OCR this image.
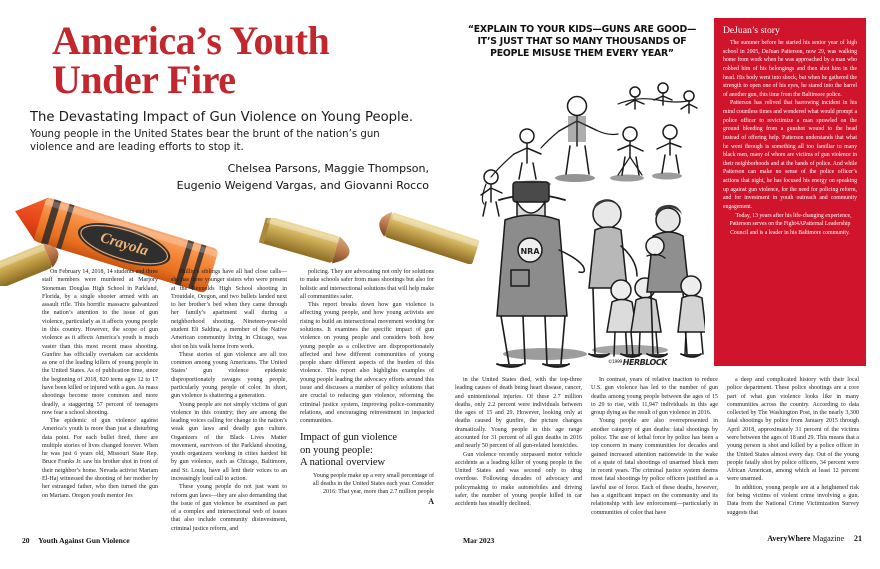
America’s Youth
Under Fire
The Devastating Impact of Gun Violence on Young People.
Young people in the United States bear the brunt of the nation’s gun violence and are leading efforts to stop it.
Chelsea Parsons, Maggie Thompson,
Eugenio Weigend Vargas, and Giovanni Rocco
Crayola

On February 14, 2018, 14 students and three staff members were murdered at Marjory Stoneman Douglas High School in Parkland, Florida, by a single shooter armed with an assault rifle. This horrific massacre galvanized the nation’s attention to the issue of gun violence, particularly as it affects young people in this country. However, the scope of gun violence as it affects America’s youth is much vaster than this most recent mass shooting. Gunfire has officially overtaken car accidents as one of the leading killers of young people in the United States. As of publication time, since the beginning of 2018, 820 teens ages 12 to 17 have been killed or injured with a gun. As mass shootings become more common and more deadly, a staggering 57 percent of teenagers now fear a school shooting.

The epidemic of gun violence against America’s youth is more than just a disturbing data point. For each bullet fired, there are multiple stories of lives changed forever. When he was just 6 years old, Missouri State Rep. Bruce Franks Jr. saw his brother shot in front of their neighbor’s home. Nevada activist Mariam El-Haj witnessed the shooting of her mother by her estranged father, who then turned the gun on Mariam. Oregon youth mentor Jes

Phillip’s siblings have all had close calls—she has three younger sisters who were present at the Reynolds High School shooting in Troutdale, Oregon, and two bullets landed next to her brother’s bed when they came through her family’s apartment wall during a neighborhood shooting. Nineteen-year-old student Eli Saldina, a member of the Native American community living in Chicago, was shot on his walk home from work.

These stories of gun violence are all too common among young Americans. The United States’ gun violence epidemic disproportionately ravages young people, particularly young people of color. In short, gun violence is shattering a generation.

Young people are not simply victims of gun violence in this country; they are among the leading voices calling for change to the nation’s weak gun laws and deadly gun culture. Organizers of the Black Lives Matter movement, survivors of the Parkland shooting, youth organizers working in cities hardest hit by gun violence, such as Chicago, Baltimore, and St. Louis, have all lent their voices to an increasingly loud call to action.

These young people do not just want to reform gun laws—they are also demanding that the issue of gun violence be examined as part of a complex and intersectional web of issues that also include community disinvestment, criminal justice reform, and

policing. They are advocating not only for solutions to make schools safer from mass shootings but also for holistic and intersectional solutions that will help make all communities safer.

This report breaks down how gun violence is affecting young people, and how young activists are rising to build an intersectional movement working for solutions. It examines the specific impact of gun violence on young people and considers both how young people as a collective are disproportionately affected and how different communities of young people share different aspects of the burden of this violence. This report also highlights examples of young people leading the advocacy efforts around this issue and discusses a number of policy solutions that are crucial to reducing gun violence, reforming the criminal justice system, improving police-community relations, and encouraging reinvestment in impacted communities.

Impact of gun violence
on young people:
A national overview

Young people make up a very small percentage of all deaths in the United States each year. Consider 2016: That year, more than 2.7 million people

A

20 Youth Against Gun Violence
“EXPLAIN TO YOUR KIDS—GUNS ARE GOOD—
IT’S JUST THAT SO MANY THOUSANDS OF
PEOPLE MISUSE THEM EVERY YEAR”
NRA
©1999HERBLOCK

in the United States died, with the top-three leading causes of death being heart disease, cancer, and unintentional injuries. Of these 2.7 million deaths, only 2.2 percent were individuals between the ages of 15 and 29. However, looking only at deaths caused by gunfire, the picture changes dramatically. Young people in this age range accounted for 31 percent of all gun deaths in 2016 and nearly 50 percent of all gun-related homicides.

Gun violence recently surpassed motor vehicle accidents as a leading killer of young people in the United States and was second only to drug overdose. Following decades of advocacy and policymaking to make automobiles and driving safer, the number of young people killed in car accidents has steadily declined.

In contrast, years of relative inaction to reduce U.S. gun violence has led to the number of gun deaths among young people between the ages of 15 to 29 to rise, with 11,947 individuals in this age group dying as the result of gun violence in 2016.

Young people are also overrepresented in another category of gun deaths: fatal shootings by police. The use of lethal force by police has been a top concern in many communities for decades and gained increased attention nationwide in the wake of a spate of fatal shootings of unarmed black men in recent years. The criminal justice system deems most fatal shootings by police officers justified as a lawful use of force. Each of these deaths, however, has a significant impact on the community and its relationship with law enforcement—particularly in communities of color that have

a deep and complicated history with their local police department. These police shootings are a core part of what gun violence looks like in many communities across the country. According to data collected by The Washington Post, in the nearly 3,300 fatal shootings by police from January 2015 through April 2018, approximately 31 percent of the victims were between the ages of 18 and 29. This means that a young person is shot and killed by a police officer in the United States almost every day. Out of the young people fatally shot by police officers, 34 percent were African American, among which at least 12 percent were unarmed.

In addition, young people are at a heightened risk for being victims of violent crime involving a gun. Data from the National Crime Victimization Survey suggests that

Mar 2023	AveryWhere Magazine 21
DeJuan’s story

The summer before he started his senior year of high school in 2005, DeJuan Patterson, now 29, was walking home from work when he was approached by a man who robbed him of his belongings and then shot him in the head. His body went into shock, but when he gathered the strength to open one of his eyes, he stared into the barrel of another gun, this time from the Baltimore police.

Patterson has relived that harrowing incident in his mind countless times and wondered what would prompt a police officer to revictimize a man sprawled on the ground bleeding from a gunshot wound to the head instead of offering help. Patterson understands that what he went through is something all too familiar to many black men, many of whom are victims of gun violence in their neighborhoods and at the hands of police. And while Patterson can make no sense of the police officer’s actions that night, he has focused his energy on speaking up against gun violence, for the need for policing reform, and for investment in youth outreach and community engagement.

Today, 13 years after his life-changing experience, Patterson serves on the Fight4APatternal Leadership Council and is a leader in his Baltimore community.
